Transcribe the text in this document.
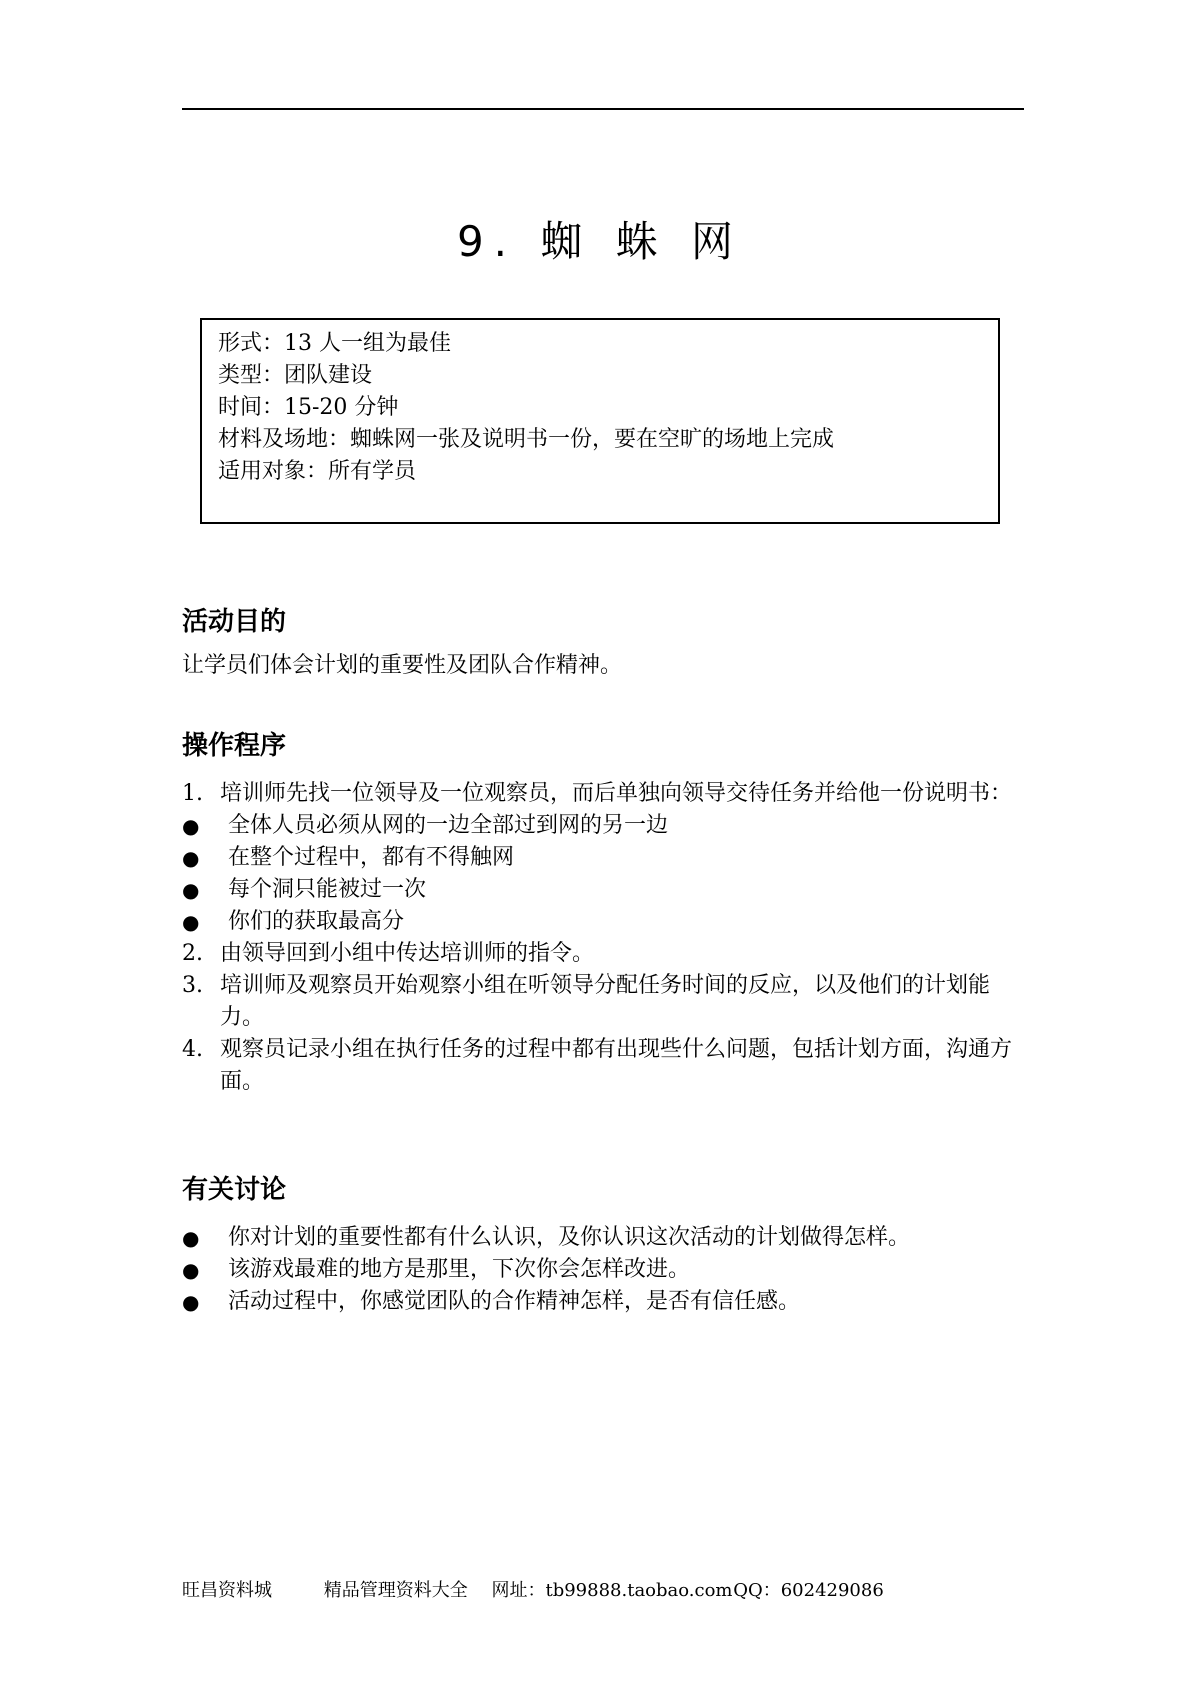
9. 蜘 蛛 网
形式：13 人一组为最佳
类型：团队建设
时间：15-20 分钟
材料及场地：蜘蛛网一张及说明书一份，要在空旷的场地上完成
适用对象：所有学员
活动目的

让学员们体会计划的重要性及团队合作精神。

操作程序
1. 培训师先找一位领导及一位观察员，而后单独向领导交待任务并给他一份说明书：
●	全体人员必须从网的一边全部过到网的另一边
●	在整个过程中，都有不得触网
●	每个洞只能被过一次
●	你们的获取最高分
2. 由领导回到小组中传达培训师的指令。
3. 培训师及观察员开始观察小组在听领导分配任务时间的反应，以及他们的计划能力。
4. 观察员记录小组在执行任务的过程中都有出现些什么问题，包括计划方面，沟通方面。
有关讨论
●	你对计划的重要性都有什么认识，及你认识这次活动的计划做得怎样。
●	该游戏最难的地方是那里，下次你会怎样改进。
●	活动过程中，你感觉团队的合作精神怎样，是否有信任感。
旺昌资料城	精品管理资料大全 网址：tb99888.taobao.com QQ：602429086
